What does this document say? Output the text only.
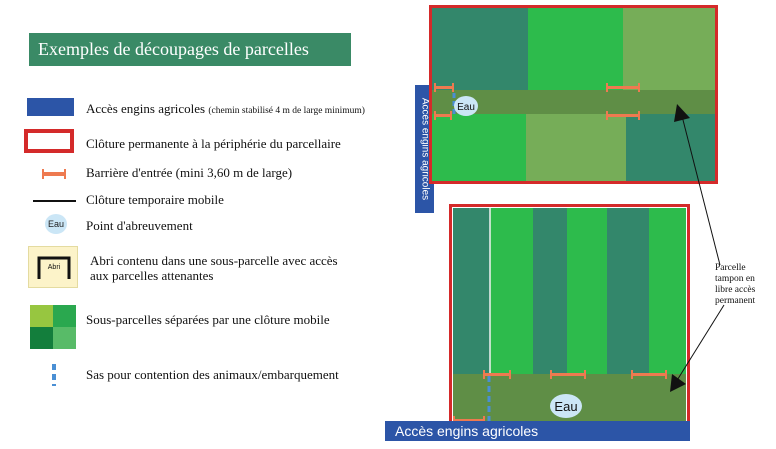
Exemples de découpages de parcelles
Accès engins agricoles (chemin stabilisé 4 m de large minimum)
Clôture permanente à la périphérie du parcellaire
Barrière d'entrée (mini 3,60 m de large)
Clôture temporaire mobile
Eau Point d'abreuvement
Abri Abri contenu dans une sous-parcelle avec accès
aux parcelles attenantes
Sous-parcelles séparées par une clôture mobile
Sas pour contention des animaux/embarquement
Accès engins agricoles	Eau
Eau
Accès engins agricoles
Parcelle
tampon en
libre accès
permanent
